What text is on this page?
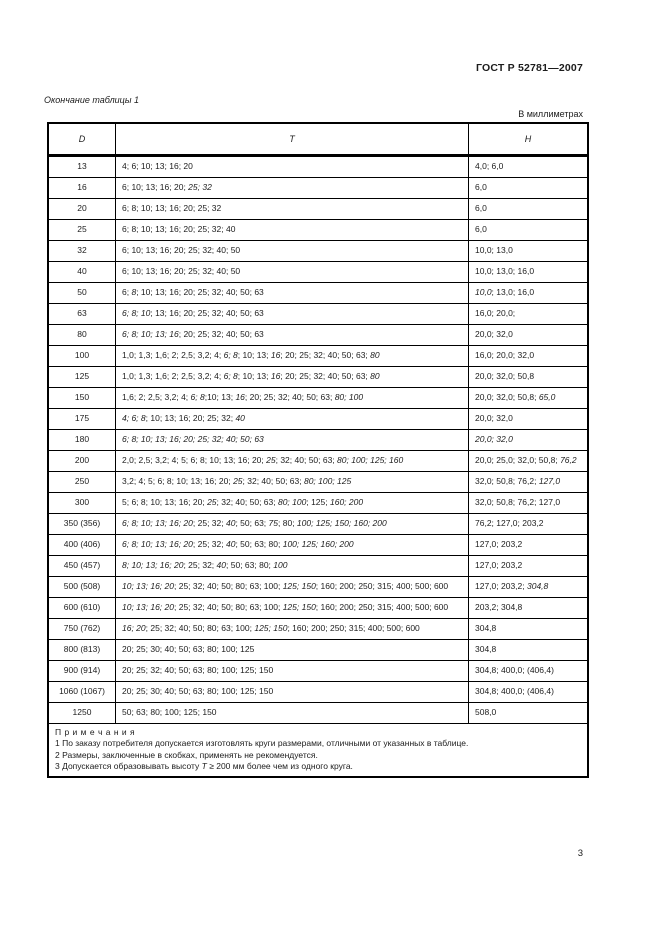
ГОСТ Р 52781—2007
Окончание таблицы 1
В миллиметрах
D	T	H
13	4; 6; 10; 13; 16; 20	4,0; 6,0
16	6; 10; 13; 16; 20; 25; 32	6,0
20	6; 8; 10; 13; 16; 20; 25; 32	6,0
25	6; 8; 10; 13; 16; 20; 25; 32; 40	6,0
32	6; 10; 13; 16; 20; 25; 32; 40; 50	10,0; 13,0
40	6; 10; 13; 16; 20; 25; 32; 40; 50	10,0; 13,0; 16,0
50	6; 8; 10; 13; 16; 20; 25; 32; 40; 50; 63	10,0; 13,0; 16,0
63	6; 8; 10; 13; 16; 20; 25; 32; 40; 50; 63	16,0; 20,0;
80	6; 8; 10; 13; 16; 20; 25; 32; 40; 50; 63	20,0; 32,0
100	1,0; 1,3; 1,6; 2; 2,5; 3,2; 4; 6; 8; 10; 13; 16; 20; 25; 32; 40; 50; 63; 80	16,0; 20,0; 32,0
125	1,0; 1,3; 1,6; 2; 2,5; 3,2; 4; 6; 8; 10; 13; 16; 20; 25; 32; 40; 50; 63; 80	20,0; 32,0; 50,8
150	1,6; 2; 2,5; 3,2; 4; 6; 8;10; 13; 16; 20; 25; 32; 40; 50; 63; 80; 100	20,0; 32,0; 50,8; 65,0
175	4; 6; 8; 10; 13; 16; 20; 25; 32; 40	20,0; 32,0
180	6; 8; 10; 13; 16; 20; 25; 32; 40; 50; 63	20,0; 32,0
200	2,0; 2,5; 3,2; 4; 5; 6; 8; 10; 13; 16; 20; 25; 32; 40; 50; 63; 80; 100; 125; 160	20,0; 25,0; 32,0; 50,8; 76,2
250	3,2; 4; 5; 6; 8; 10; 13; 16; 20; 25; 32; 40; 50; 63; 80; 100; 125	32,0; 50,8; 76,2; 127,0
300	5; 6; 8; 10; 13; 16; 20; 25; 32; 40; 50; 63; 80; 100; 125; 160; 200	32,0; 50,8; 76,2; 127,0
350 (356)	6; 8; 10; 13; 16; 20; 25; 32; 40; 50; 63; 75; 80; 100; 125; 150; 160; 200	76,2; 127,0; 203,2
400 (406)	6; 8; 10; 13; 16; 20; 25; 32; 40; 50; 63; 80; 100; 125; 160; 200	127,0; 203,2
450 (457)	8; 10; 13; 16; 20; 25; 32; 40; 50; 63; 80; 100	127,0; 203,2
500 (508)	10; 13; 16; 20; 25; 32; 40; 50; 80; 63; 100; 125; 150; 160; 200; 250; 315; 400; 500; 600	127,0; 203,2; 304,8
600 (610)	10; 13; 16; 20; 25; 32; 40; 50; 80; 63; 100; 125; 150; 160; 200; 250; 315; 400; 500; 600	203,2; 304,8
750 (762)	16; 20; 25; 32; 40; 50; 80; 63; 100; 125; 150; 160; 200; 250; 315; 400; 500; 600	304,8
800 (813)	20; 25; 30; 40; 50; 63; 80; 100; 125	304,8
900 (914)	20; 25; 32; 40; 50; 63; 80; 100; 125; 150	304,8; 400,0; (406,4)
1060 (1067)	20; 25; 30; 40; 50; 63; 80; 100; 125; 150	304,8; 400,0; (406,4)
1250	50; 63; 80; 100; 125; 150	508,0

П р и м е ч а н и я
1 По заказу потребителя допускается изготовлять круги размерами, отличными от указанных в таблице.
2 Размеры, заключенные в скобках, применять не рекомендуется.
3 Допускается образовывать высоту T ≥ 200 мм более чем из одного круга.		
3
